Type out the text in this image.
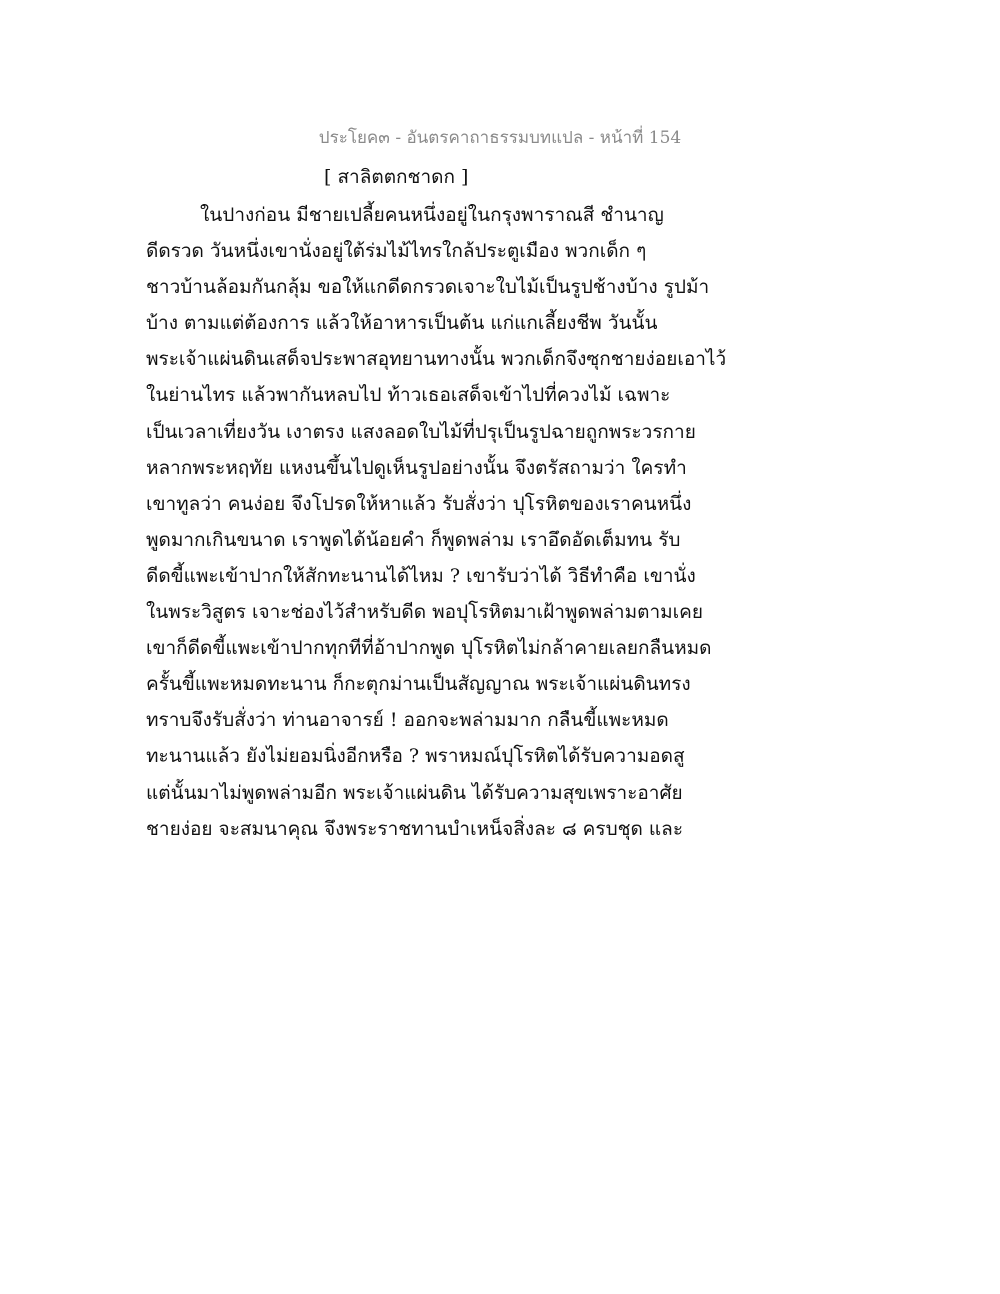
ประโยค๓ - อันตรคาถาธรรมบทแปล - หน้าที่ 154
[ สาลิตตกชาดก ]
ในปางก่อน มีชายเปลี้ยคนหนึ่งอยู่ในกรุงพาราณสี ชำนาญ
ดีดรวด วันหนึ่งเขานั่งอยู่ใต้ร่มไม้ไทรใกล้ประตูเมือง พวกเด็ก ๆ
ชาวบ้านล้อมกันกลุ้ม ขอให้แกดีดกรวดเจาะใบไม้เป็นรูปช้างบ้าง รูปม้า
บ้าง ตามแต่ต้องการ แล้วให้อาหารเป็นต้น แก่แกเลี้ยงชีพ วันนั้น
พระเจ้าแผ่นดินเสด็จประพาสอุทยานทางนั้น พวกเด็กจึงซุกชายง่อยเอาไว้
ในย่านไทร แล้วพากันหลบไป ท้าวเธอเสด็จเข้าไปที่ควงไม้ เฉพาะ
เป็นเวลาเที่ยงวัน เงาตรง แสงลอดใบไม้ที่ปรุเป็นรูปฉายถูกพระวรกาย
หลากพระหฤทัย แหงนขึ้นไปดูเห็นรูปอย่างนั้น จึงตรัสถามว่า ใครทำ
เขาทูลว่า คนง่อย จึงโปรดให้หาแล้ว รับสั่งว่า ปุโรหิตของเราคนหนึ่ง
พูดมากเกินขนาด เราพูดได้น้อยคำ ก็พูดพล่าม เราอึดอัดเต็มทน รับ
ดีดขี้แพะเข้าปากให้สักทะนานได้ไหม ? เขารับว่าได้ วิธีทำคือ เขานั่ง
ในพระวิสูตร เจาะช่องไว้สำหรับดีด พอปุโรหิตมาเฝ้าพูดพล่ามตามเคย
เขาก็ดีดขี้แพะเข้าปากทุกทีที่อ้าปากพูด ปุโรหิตไม่กล้าคายเลยกลืนหมด
ครั้นขี้แพะหมดทะนาน ก็กะตุกม่านเป็นสัญญาณ พระเจ้าแผ่นดินทรง
ทราบจึงรับสั่งว่า ท่านอาจารย์ ! ออกจะพล่ามมาก กลืนขี้แพะหมด
ทะนานแล้ว ยังไม่ยอมนิ่งอีกหรือ ? พราหมณ์ปุโรหิตได้รับความอดสู
แต่นั้นมาไม่พูดพล่ามอีก พระเจ้าแผ่นดิน ได้รับความสุขเพราะอาศัย
ชายง่อย จะสมนาคุณ จึงพระราชทานบำเหน็จสิ่งละ ๘ ครบชุด และ
